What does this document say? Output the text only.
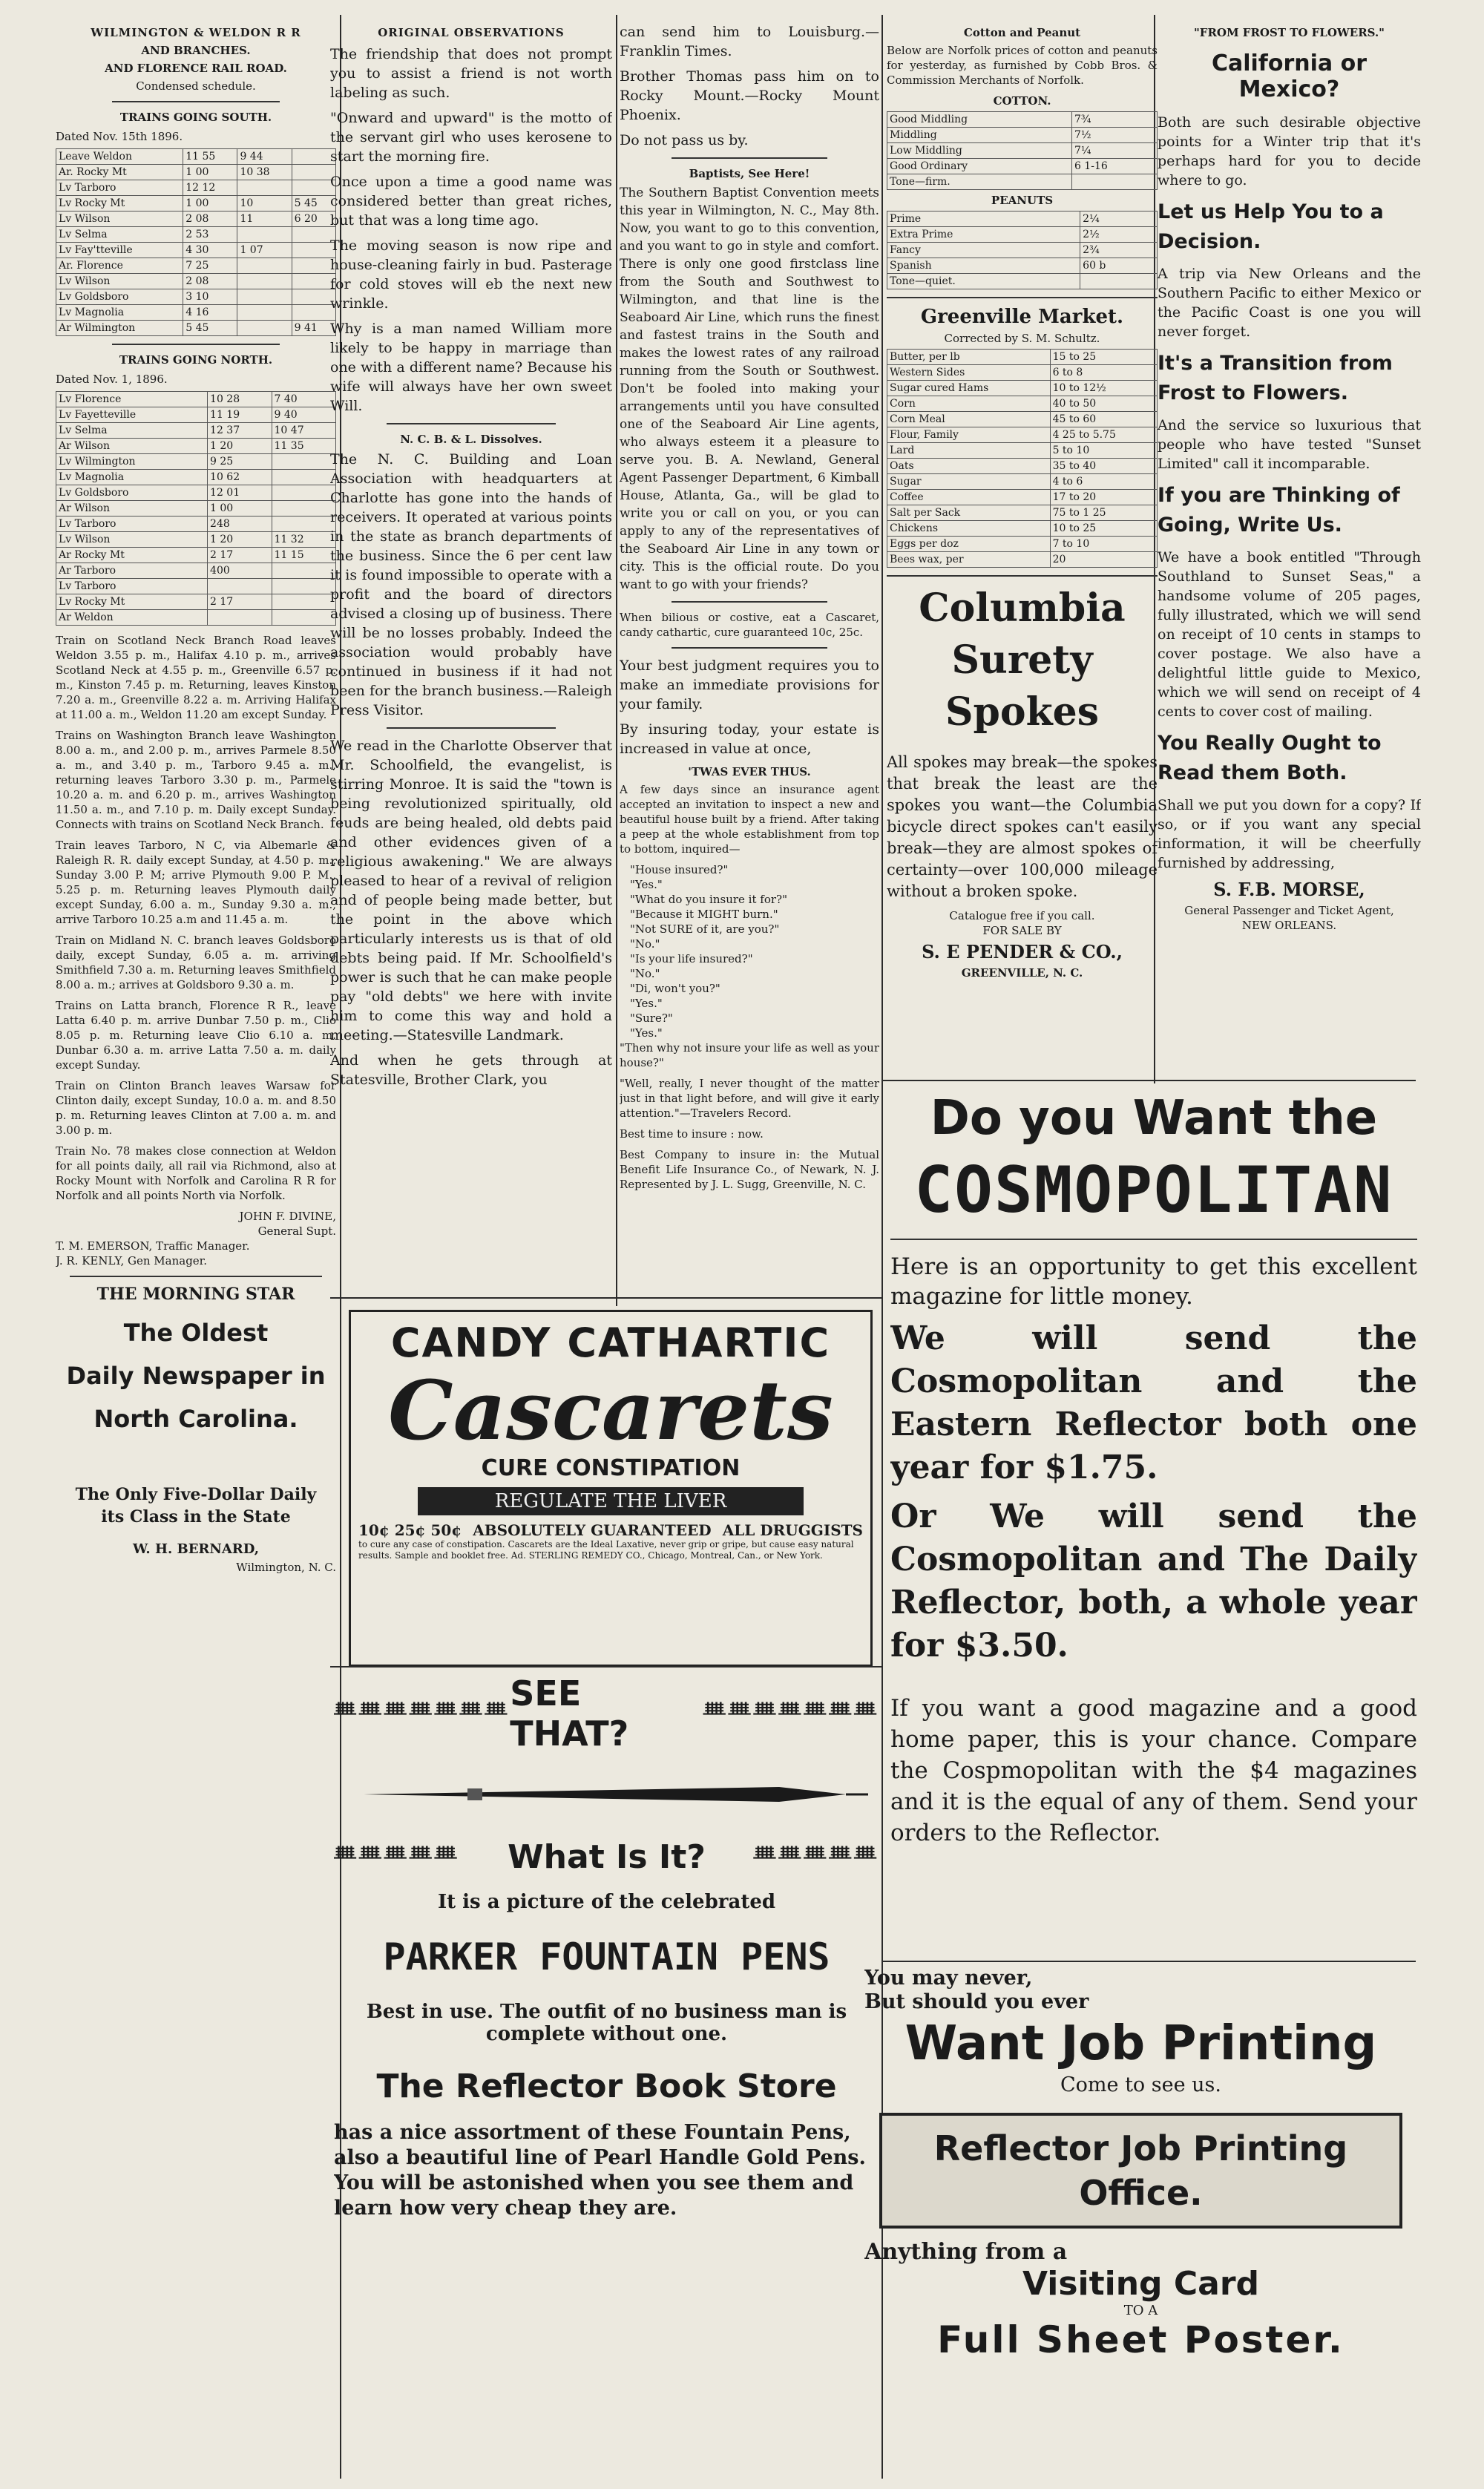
WILMINGTON & WELDON R R
AND BRANCHES.
AND FLORENCE RAIL ROAD.
Condensed schedule.
TRAINS GOING SOUTH.
Dated Nov. 15th 1896.
Leave Weldon	11 55	9 44	
Ar. Rocky Mt	1 00	10 38	
Lv Tarboro	12 12		
Lv Rocky Mt	1 00	10	5 45
Lv Wilson	2 08	11	6 20
Lv Selma	2 53		
Lv Fay'tteville	4 30	1 07	
Ar. Florence	7 25		
Lv Wilson	2 08		
Lv Goldsboro	3 10		
Lv Magnolia	4 16		
Ar Wilmington	5 45		9 41
TRAINS GOING NORTH.
Dated Nov. 1, 1896.
Lv Florence	10 28	7 40
Lv Fayetteville	11 19	9 40
Lv Selma	12 37	10 47
Ar Wilson	1 20	11 35
Lv Wilmington	9 25	
Lv Magnolia	10 62	
Lv Goldsboro	12 01	
Ar Wilson	1 00	
Lv Tarboro	248	
Lv Wilson	1 20	11 32
Ar Rocky Mt	2 17	11 15
Ar Tarboro	400	
Lv Tarboro		
Lv Rocky Mt	2 17	
Ar Weldon		

Train on Scotland Neck Branch Road leaves Weldon 3.55 p. m., Halifax 4.10 p. m., arrives Scotland Neck at 4.55 p. m., Greenville 6.57 p. m., Kinston 7.45 p. m. Returning, leaves Kinston 7.20 a. m., Greenville 8.22 a. m. Arriving Halifax at 11.00 a. m., Weldon 11.20 am except Sunday.

Trains on Washington Branch leave Washington 8.00 a. m., and 2.00 p. m., arrives Parmele 8.50 a. m., and 3.40 p. m., Tarboro 9.45 a. m., returning leaves Tarboro 3.30 p. m., Parmele 10.20 a. m. and 6.20 p. m., arrives Washington 11.50 a. m., and 7.10 p. m. Daily except Sunday. Connects with trains on Scotland Neck Branch.

Train leaves Tarboro, N C, via Albemarle & Raleigh R. R. daily except Sunday, at 4.50 p. m., Sunday 3.00 P. M; arrive Plymouth 9.00 P. M., 5.25 p. m. Returning leaves Plymouth daily except Sunday, 6.00 a. m., Sunday 9.30 a. m., arrive Tarboro 10.25 a.m and 11.45 a. m.

Train on Midland N. C. branch leaves Goldsboro daily, except Sunday, 6.05 a. m. arriving Smithfield 7.30 a. m. Returning leaves Smithfield 8.00 a. m.; arrives at Goldsboro 9.30 a. m.

Trains on Latta branch, Florence R R., leave Latta 6.40 p. m. arrive Dunbar 7.50 p. m., Clio 8.05 p. m. Returning leave Clio 6.10 a. m. Dunbar 6.30 a. m. arrive Latta 7.50 a. m. daily except Sunday.

Train on Clinton Branch leaves Warsaw for Clinton daily, except Sunday, 10.0 a. m. and 8.50 p. m. Returning leaves Clinton at 7.00 a. m. and 3.00 p. m.

Train No. 78 makes close connection at Weldon for all points daily, all rail via Richmond, also at Rocky Mount with Norfolk and Carolina R R for Norfolk and all points North via Norfolk.

JOHN F. DIVINE,
General Supt.
T. M. EMERSON, Traffic Manager.
J. R. KENLY, Gen Manager.
THE MORNING STAR
The Oldest
Daily Newspaper in
North Carolina.
The Only Five-Dollar Daily
its Class in the State
W. H. BERNARD,
Wilmington, N. C.
ORIGINAL OBSERVATIONS

The friendship that does not prompt you to assist a friend is not worth labeling as such.

"Onward and upward" is the motto of the servant girl who uses kerosene to start the morning fire.

Once upon a time a good name was considered better than great riches, but that was a long time ago.

The moving season is now ripe and house-cleaning fairly in bud. Pasterage for cold stoves will eb the next new wrinkle.

Why is a man named William more likely to be happy in marriage than one with a different name? Because his wife will always have her own sweet Will.

N. C. B. & L. Dissolves.

The N. C. Building and Loan Association with headquarters at Charlotte has gone into the hands of receivers. It operated at various points in the state as branch departments of the business. Since the 6 per cent law it is found impossible to operate with a profit and the board of directors advised a closing up of business. There will be no losses probably. Indeed the association would probably have continued in business if it had not been for the branch business.—Raleigh Press Visitor.

We read in the Charlotte Observer that Mr. Schoolfield, the evangelist, is stirring Monroe. It is said the "town is being revolutionized spiritually, old feuds are being healed, old debts paid and other evidences given of a religious awakening." We are always pleased to hear of a revival of religion and of people being made better, but the point in the above which particularly interests us is that of old debts being paid. If Mr. Schoolfield's power is such that he can make people pay "old debts" we here with invite him to come this way and hold a meeting.—Statesville Landmark.

And when he gets through at Statesville, Brother Clark, you

can send him to Louisburg.—Franklin Times.

Brother Thomas pass him on to Rocky Mount.—Rocky Mount Phoenix.

Do not pass us by.

Baptists, See Here!

The Southern Baptist Convention meets this year in Wilmington, N. C., May 8th. Now, you want to go to this convention, and you want to go in style and comfort. There is only one good firstclass line from the South and Southwest to Wilmington, and that line is the Seaboard Air Line, which runs the finest and fastest trains in the South and makes the lowest rates of any railroad running from the South or Southwest. Don't be fooled into making your arrangements until you have consulted one of the Seaboard Air Line agents, who always esteem it a pleasure to serve you. B. A. Newland, General Agent Passenger Department, 6 Kimball House, Atlanta, Ga., will be glad to write you or call on you, or you can apply to any of the representatives of the Seaboard Air Line in any town or city. This is the official route. Do you want to go with your friends?

When bilious or costive, eat a Cascaret, candy cathartic, cure guaranteed 10c, 25c.

Your best judgment requires you to make an immediate provisions for your family.

By insuring today, your estate is increased in value at once,

'TWAS EVER THUS.

A few days since an insurance agent accepted an invitation to inspect a new and beautiful house built by a friend. After taking a peep at the whole establishment from top to bottom, inquired—

"House insured?"
"Yes."
"What do you insure it for?"
"Because it MIGHT burn."
"Not SURE of it, are you?"
"No."
"Is your life insured?"
"No."
"Di, won't you?"
"Yes."
"Sure?"
"Yes."

"Then why not insure your life as well as your house?"

"Well, really, I never thought of the matter just in that light before, and will give it early attention."—Travelers Record.

Best time to insure : now.

Best Company to insure in: the Mutual Benefit Life Insurance Co., of Newark, N. J. Represented by J. L. Sugg, Greenville, N. C.

Cotton and Peanut

Below are Norfolk prices of cotton and peanuts for yesterday, as furnished by Cobb Bros. & Commission Merchants of Norfolk.

COTTON.
Good Middling	7¾
Middling	7½
Low Middling	7¼
Good Ordinary	6 1-16
Tone—firm.	
PEANUTS
Prime	2¼
Extra Prime	2½
Fancy	2¾
Spanish	60 b
Tone—quiet.	
Greenville Market.
Corrected by S. M. Schultz.
Butter, per lb	15 to 25
Western Sides	6 to 8
Sugar cured Hams	10 to 12½
Corn	40 to 50
Corn Meal	45 to 60
Flour, Family	4 25 to 5.75
Lard	5 to 10
Oats	35 to 40
Sugar	4 to 6
Coffee	17 to 20
Salt per Sack	75 to 1 25
Chickens	10 to 25
Eggs per doz	7 to 10
Bees wax, per	20
Columbia
Surety
Spokes

All spokes may break—the spokes that break the least are the spokes you want—the Columbia bicycle direct spokes can't easily break—they are almost spokes of certainty—over 100,000 mileage without a broken spoke.

Catalogue free if you call.
FOR SALE BY
S. E PENDER & CO.,
GREENVILLE, N. C.
"FROM FROST TO FLOWERS."
California or Mexico?

Both are such desirable objective points for a Winter trip that it's perhaps hard for you to decide where to go.

Let us Help You to a Decision.

A trip via New Orleans and the Southern Pacific to either Mexico or the Pacific Coast is one you will never forget.

It's a Transition from Frost to Flowers.

And the service so luxurious that people who have tested "Sunset Limited" call it incomparable.

If you are Thinking of Going, Write Us.

We have a book entitled "Through Southland to Sunset Seas," a handsome volume of 205 pages, fully illustrated, which we will send on receipt of 10 cents in stamps to cover postage. We also have a delightful little guide to Mexico, which we will send on receipt of 4 cents to cover cost of mailing.

You Really Ought to Read them Both.

Shall we put you down for a copy? If so, or if you want any special information, it will be cheerfully furnished by addressing,

S. F.B. MORSE,
General Passenger and Ticket Agent,
NEW ORLEANS.
Do you Want the
COSMOPOLITAN

Here is an opportunity to get this excellent magazine for little money.

We will send the Cosmopolitan and the Eastern Reflector both one year for $1.75.

Or We will send the Cosmopolitan and The Daily Reflector, both, a whole year for $3.50.

If you want a good magazine and a good home paper, this is your chance. Compare the Cospmopolitan with the $4 magazines and it is the equal of any of them. Send your orders to the Reflector.

You may never,
But should you ever
Want Job Printing
Come to see us.
Reflector Job Printing Office.
Anything from a
Visiting Card
TO A
Full Sheet Poster.
CANDY CATHARTIC
Cascarets
CURE CONSTIPATION
REGULATE THE LIVER
10¢ 25¢ 50¢ ABSOLUTELY GUARANTEED ALL DRUGGISTS
to cure any case of constipation. Cascarets are the Ideal Laxative, never grip or gripe, but cause easy natural results. Sample and booklet free. Ad. STERLING REMEDY CO., Chicago, Montreal, Can., or New York.
ᚙᚙᚙᚙᚙᚙᚙ SEE THAT?	ᚙᚙᚙᚙᚙᚙᚙ
ᚙᚙᚙᚙᚙ What Is It? ᚙᚙᚙᚙᚙ
It is a picture of the celebrated
PARKER FOUNTAIN PENS
Best in use. The outfit of no business man is complete without one.
The Reflector Book Store
has a nice assortment of these Fountain Pens, also a beautiful line of Pearl Handle Gold Pens. You will be astonished when you see them and learn how very cheap they are.
